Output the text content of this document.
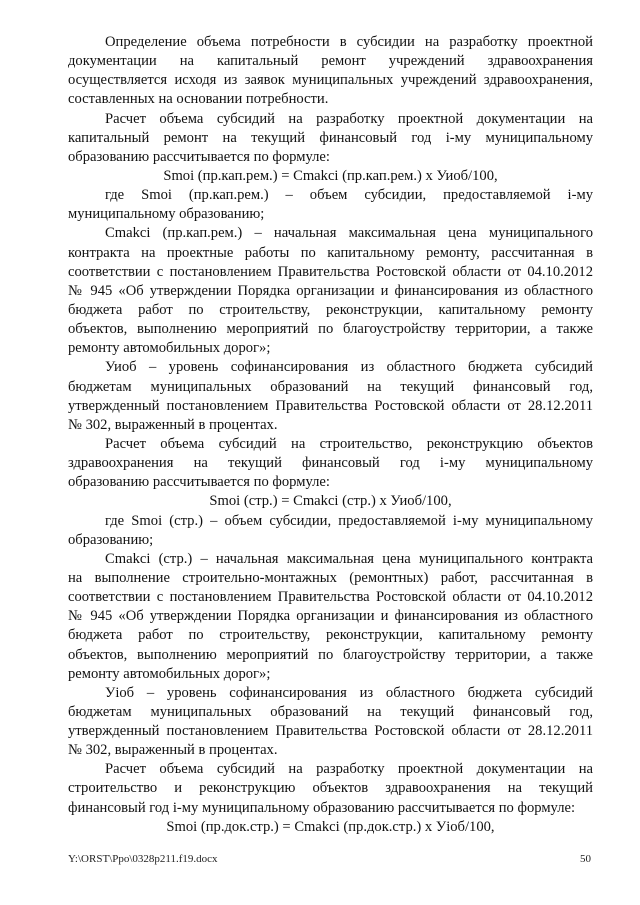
Определение объема потребности в субсидии на разработку проектной
документации на капитальный ремонт учреждений здравоохранения
осуществляется исходя из заявок муниципальных учреждений здравоохранения,
составленных на основании потребности.
Расчет объема субсидий на разработку проектной документации на
капитальный ремонт на текущий финансовый год i-му муниципальному
образованию рассчитывается по формуле:
Smoi (пр.кап.рем.) = Cmakci (пр.кап.рем.) х Уиоб/100,
где Smoi (пр.кап.рем.) – объем субсидии, предоставляемой i-му
муниципальному образованию;
Cmakci (пр.кап.рем.) – начальная максимальная цена муниципального
контракта на проектные работы по капитальному ремонту, рассчитанная в
соответствии с постановлением Правительства Ростовской области от 04.10.2012
№ 945 «Об утверждении Порядка организации и финансирования из областного
бюджета работ по строительству, реконструкции, капитальному ремонту
объектов, выполнению мероприятий по благоустройству территории, а также
ремонту автомобильных дорог»;
Уиоб – уровень софинансирования из областного бюджета субсидий
бюджетам муниципальных образований на текущий финансовый год,
утвержденный постановлением Правительства Ростовской области от 28.12.2011
№ 302, выраженный в процентах.
Расчет объема субсидий на строительство, реконструкцию объектов
здравоохранения на текущий финансовый год i-му муниципальному
образованию рассчитывается по формуле:
Smoi (стр.) = Cmakci (стр.) х Уиоб/100,
где Smoi (стр.) – объем субсидии, предоставляемой i-му муниципальному
образованию;
Cmakci (стр.) – начальная максимальная цена муниципального контракта
на выполнение строительно-монтажных (ремонтных) работ, рассчитанная в
соответствии с постановлением Правительства Ростовской области от 04.10.2012
№ 945 «Об утверждении Порядка организации и финансирования из областного
бюджета работ по строительству, реконструкции, капитальному ремонту
объектов, выполнению мероприятий по благоустройству территории, а также
ремонту автомобильных дорог»;
Уiоб – уровень софинансирования из областного бюджета субсидий
бюджетам муниципальных образований на текущий финансовый год,
утвержденный постановлением Правительства Ростовской области от 28.12.2011
№ 302, выраженный в процентах.
Расчет объема субсидий на разработку проектной документации на
строительство и реконструкцию объектов здравоохранения на текущий
финансовый год i-му муниципальному образованию рассчитывается по формуле:
Smoi (пр.док.стр.) = Cmakci (пр.док.стр.) х Уiоб/100,
Y:\ORST\Ppo\0328p211.f19.docx	50
